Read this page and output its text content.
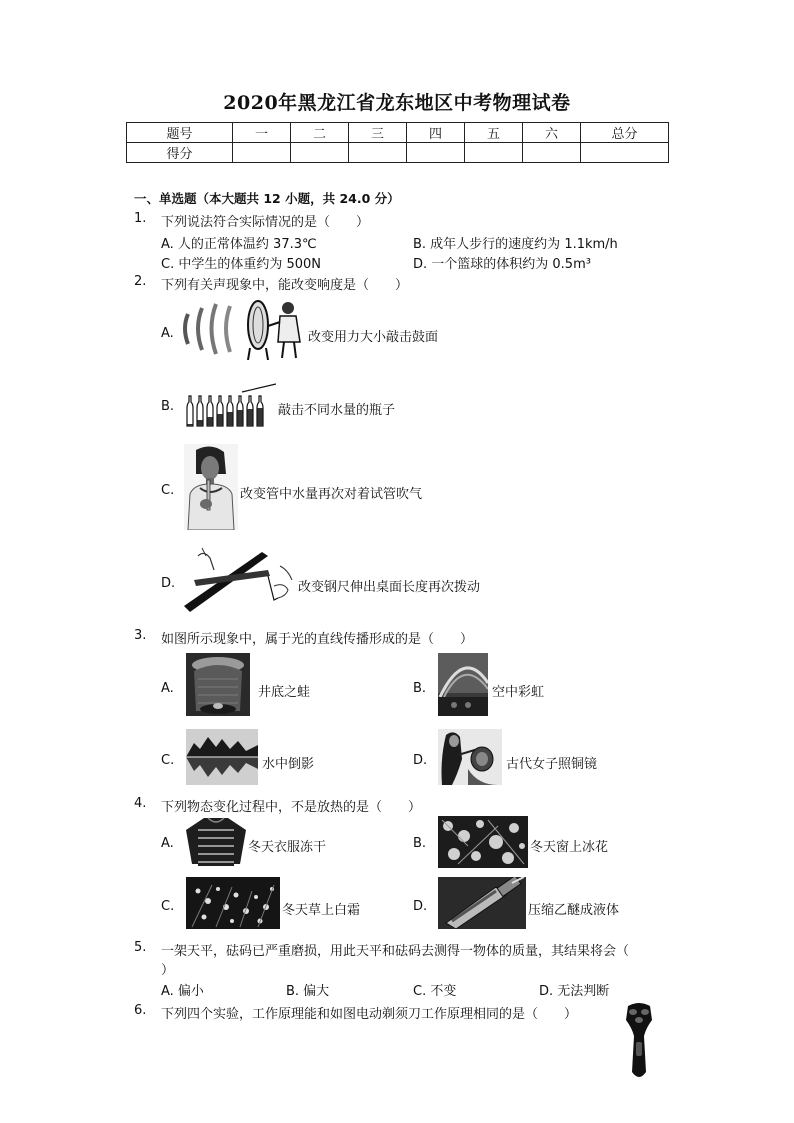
2020年黑龙江省龙东地区中考物理试卷
题号	一	二	三	四	五	六	总分
得分							
一、单选题（本大题共 12 小题，共 24.0 分）
1. 下列说法符合实际情况的是（　　）
A. 人的正常体温约 37.3℃	B. 成年人步行的速度约为 1.1km/h
C. 中学生的体重约为 500N	D. 一个篮球的体积约为 0.5m³
2. 下列有关声现象中，能改变响度是（　　）
A.	改变用力大小敲击鼓面
B.	敲击不同水量的瓶子
C.	改变管中水量再次对着试管吹气
D.	改变钢尺伸出桌面长度再次拨动
3. 如图所示现象中，属于光的直线传播形成的是（　　）
A.	井底之蛙	B.	空中彩虹
C.	水中倒影	D.	古代女子照铜镜
4. 下列物态变化过程中，不是放热的是（　　）
A.	冬天衣服冻干	B.	冬天窗上冰花
C.	冬天草上白霜	D.	压缩乙醚成液体
5. 一架天平，砝码已严重磨损，用此天平和砝码去测得一物体的质量，其结果将会（
）
A. 偏小	B. 偏大	C. 不变	D. 无法判断
6. 下列四个实验，工作原理能和如图电动剃须刀工作原理相同的是（　　）
